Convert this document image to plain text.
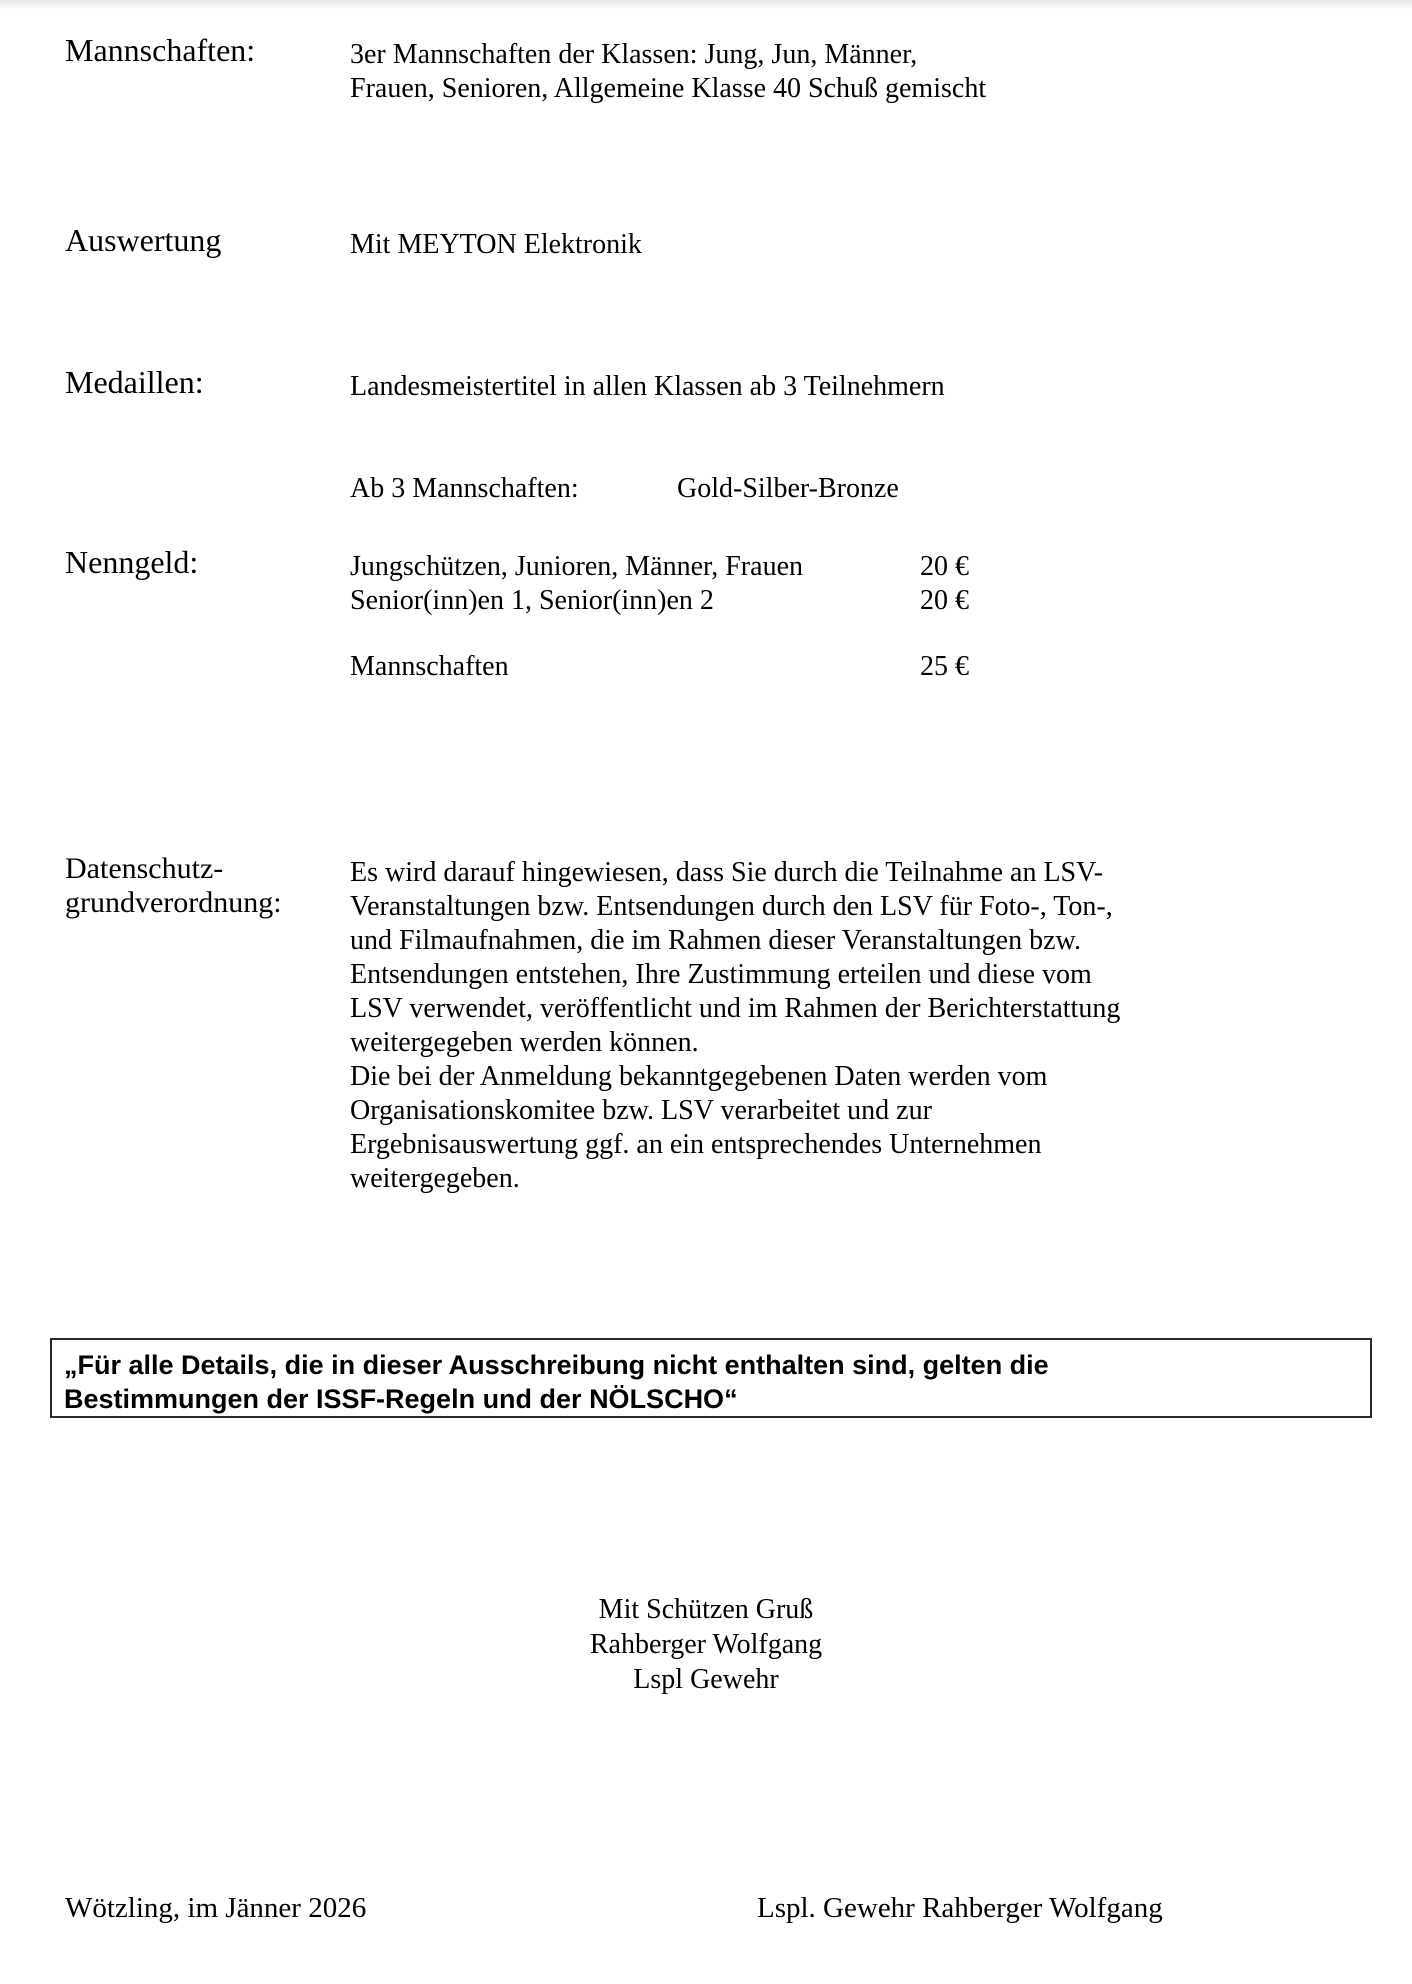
Mannschaften:	3er Mannschaften der Klassen: Jung, Jun, Männer,
Frauen, Senioren, Allgemeine Klasse 40 Schuß gemischt
Auswertung	Mit MEYTON Elektronik
Medaillen:	Landesmeistertitel in allen Klassen ab 3 Teilnehmern
Ab 3 Mannschaften:	Gold-Silber-Bronze
Nenngeld:	Jungschützen, Junioren, Männer, Frauen	20 €
Senior(inn)en 1, Senior(inn)en 2	20 €
Mannschaften	25 €
Datenschutz-
grundverordnung:
Es wird darauf hingewiesen, dass Sie durch die Teilnahme an LSV-
Veranstaltungen bzw. Entsendungen durch den LSV für Foto-, Ton-,
und Filmaufnahmen, die im Rahmen dieser Veranstaltungen bzw.
Entsendungen entstehen, Ihre Zustimmung erteilen und diese vom
LSV verwendet, veröffentlicht und im Rahmen der Berichterstattung
weitergegeben werden können.
Die bei der Anmeldung bekanntgegebenen Daten werden vom
Organisationskomitee bzw. LSV verarbeitet und zur
Ergebnisauswertung ggf. an ein entsprechendes Unternehmen
weitergegeben.
„Für alle Details, die in dieser Ausschreibung nicht enthalten sind, gelten die
Bestimmungen der ISSF-Regeln und der NÖLSCHO“
Mit Schützen Gruß
Rahberger Wolfgang
Lspl Gewehr
Wötzling, im Jänner 2026	Lspl. Gewehr Rahberger Wolfgang
